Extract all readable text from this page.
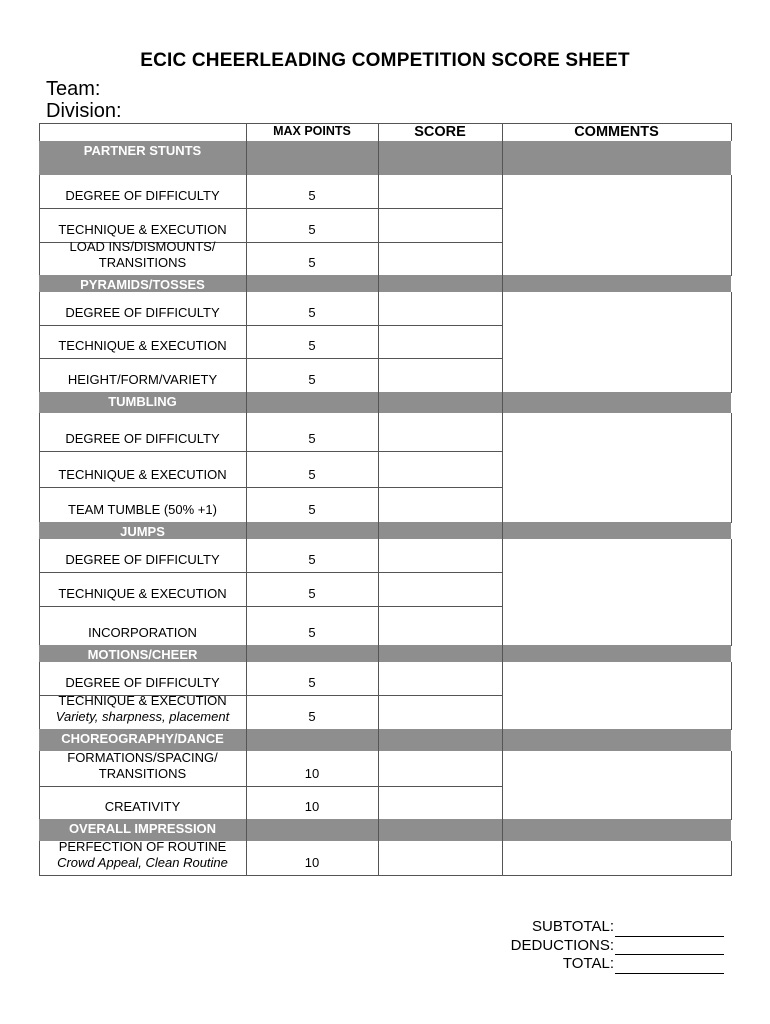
ECIC CHEERLEADING COMPETITION SCORE SHEET
Team:
Division:
MAX POINTS	SCORE	COMMENTS
PARTNER STUNTS
DEGREE OF DIFFICULTY	5
TECHNIQUE & EXECUTION	5
LOAD INS/DISMOUNTS/
TRANSITIONS	5
PYRAMIDS/TOSSES
DEGREE OF DIFFICULTY	5
TECHNIQUE & EXECUTION	5
HEIGHT/FORM/VARIETY	5
TUMBLING
DEGREE OF DIFFICULTY	5
TECHNIQUE & EXECUTION	5
TEAM TUMBLE (50% +1)	5
JUMPS
DEGREE OF DIFFICULTY	5
TECHNIQUE & EXECUTION	5
INCORPORATION	5
MOTIONS/CHEER
DEGREE OF DIFFICULTY	5
TECHNIQUE & EXECUTION
Variety, sharpness, placement	5
CHOREOGRAPHY/DANCE
FORMATIONS/SPACING/
TRANSITIONS	10
CREATIVITY	10
OVERALL IMPRESSION
PERFECTION OF ROUTINE
Crowd Appeal, Clean Routine	10
SUBTOTAL:
DEDUCTIONS:
TOTAL:
